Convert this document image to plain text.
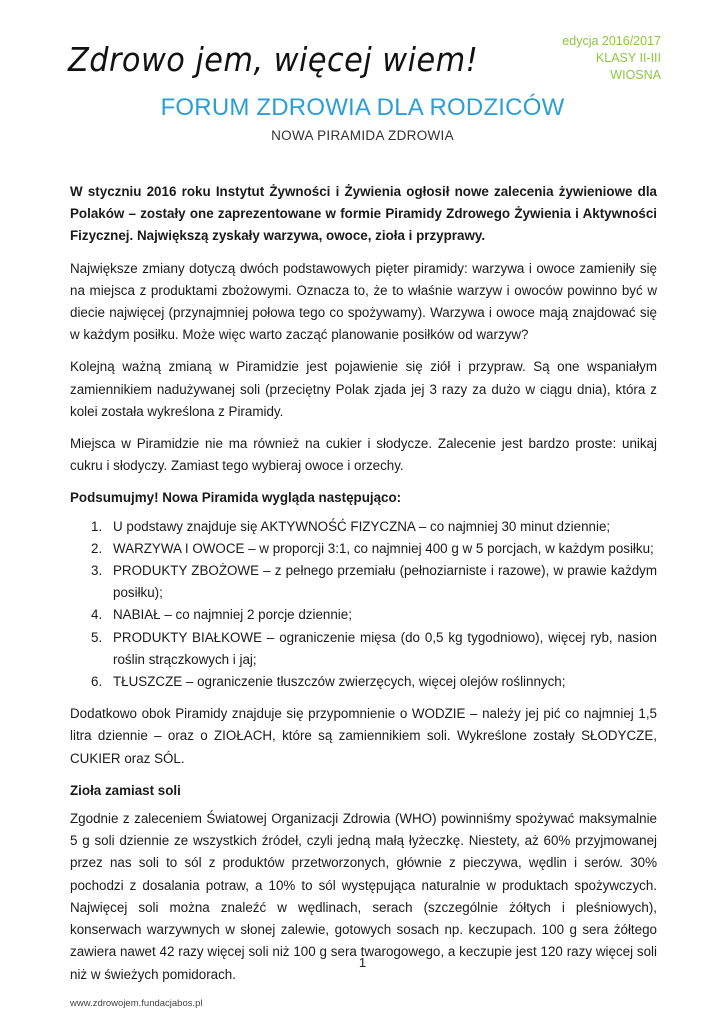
edycja 2016/2017
KLASY II-III
WIOSNA
Zdrowo jem, więcej wiem!
FORUM ZDROWIA DLA RODZICÓW
NOWA PIRAMIDA ZDROWIA

W styczniu 2016 roku Instytut Żywności i Żywienia ogłosił nowe zalecenia żywieniowe dla Polaków – zostały one zaprezentowane w formie Piramidy Zdrowego Żywienia i Aktywności Fizycznej. Największą zyskały warzywa, owoce, zioła i przyprawy.

Największe zmiany dotyczą dwóch podstawowych pięter piramidy: warzywa i owoce zamieniły się na miejsca z produktami zbożowymi. Oznacza to, że to właśnie warzyw i owoców powinno być w diecie najwięcej (przynajmniej połowa tego co spożywamy). Warzywa i owoce mają znajdować się w każdym posiłku. Może więc warto zacząć planowanie posiłków od warzyw?

Kolejną ważną zmianą w Piramidzie jest pojawienie się ziół i przypraw. Są one wspaniałym zamiennikiem nadużywanej soli (przeciętny Polak zjada jej 3 razy za dużo w ciągu dnia), która z kolei została wykreślona z Piramidy.

Miejsca w Piramidzie nie ma również na cukier i słodycze. Zalecenie jest bardzo proste: unikaj cukru i słodyczy. Zamiast tego wybieraj owoce i orzechy.

Podsumujmy! Nowa Piramida wygląda następująco:

1. U podstawy znajduje się AKTYWNOŚĆ FIZYCZNA – co najmniej 30 minut dziennie;
2. WARZYWA I OWOCE – w proporcji 3:1, co najmniej 400 g w 5 porcjach, w każdym posiłku;
3. PRODUKTY ZBOŻOWE – z pełnego przemiału (pełnoziarniste i razowe), w prawie każdym posiłku);
4. NABIAŁ – co najmniej 2 porcje dziennie;
5. PRODUKTY BIAŁKOWE – ograniczenie mięsa (do 0,5 kg tygodniowo), więcej ryb, nasion roślin strączkowych i jaj;
6. TŁUSZCZE – ograniczenie tłuszczów zwierzęcych, więcej olejów roślinnych;

Dodatkowo obok Piramidy znajduje się przypomnienie o WODZIE – należy jej pić co najmniej 1,5 litra dziennie – oraz o ZIOŁACH, które są zamiennikiem soli. Wykreślone zostały SŁODYCZE, CUKIER oraz SÓL.

Zioła zamiast soli

Zgodnie z zaleceniem Światowej Organizacji Zdrowia (WHO) powinniśmy spożywać maksymalnie 5 g soli dziennie ze wszystkich źródeł, czyli jedną małą łyżeczkę. Niestety, aż 60% przyjmowanej przez nas soli to sól z produktów przetworzonych, głównie z pieczywa, wędlin i serów. 30% pochodzi z dosalania potraw, a 10% to sól występująca naturalnie w produktach spożywczych. Najwięcej soli można znaleźć w wędlinach, serach (szczególnie żółtych i pleśniowych), konserwach warzywnych w słonej zalewie, gotowych sosach np. keczupach. 100 g sera żółtego zawiera nawet 42 razy więcej soli niż 100 g sera twarogowego, a keczupie jest 120 razy więcej soli niż w świeżych pomidorach.

1
www.zdrowojem.fundacjabos.pl
